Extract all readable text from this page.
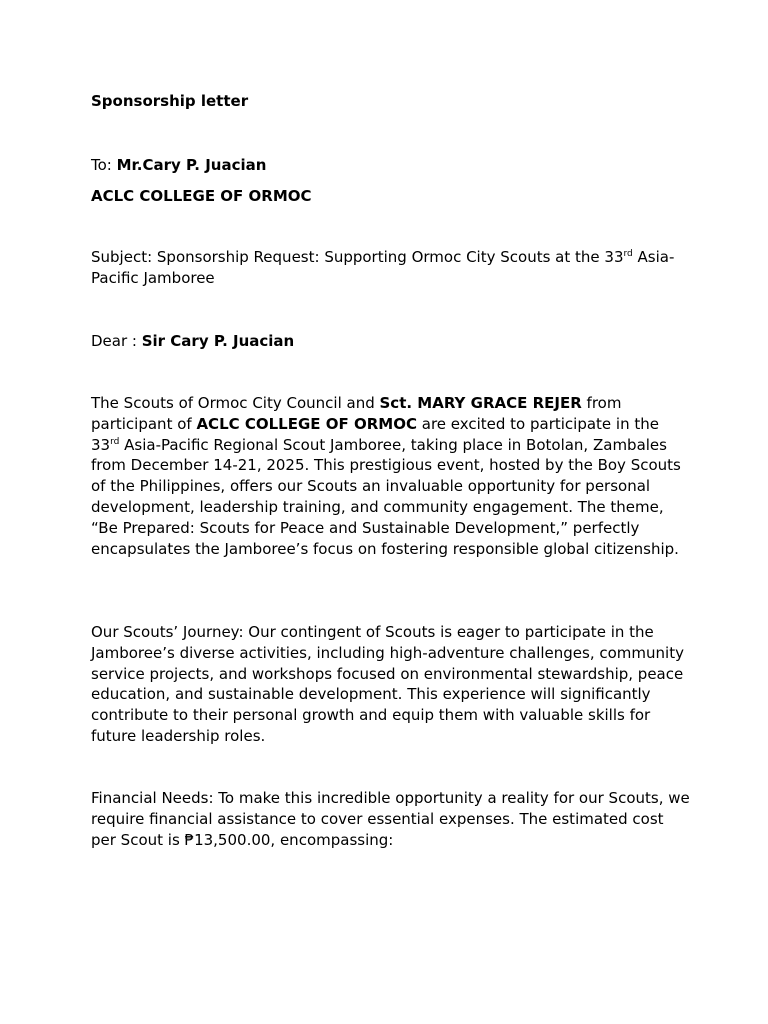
Sponsorship letter
To: Mr.Cary P. Juacian
ACLC COLLEGE OF ORMOC
Subject: Sponsorship Request: Supporting Ormoc City Scouts at the 33rd Asia-Pacific Jamboree
Dear : Sir Cary P. Juacian
The Scouts of Ormoc City Council and Sct. MARY GRACE REJER from participant of ACLC COLLEGE OF ORMOC are excited to participate in the 33rd Asia-Pacific Regional Scout Jamboree, taking place in Botolan, Zambales from December 14-21, 2025. This prestigious event, hosted by the Boy Scouts of the Philippines, offers our Scouts an invaluable opportunity for personal development, leadership training, and community engagement. The theme, “Be Prepared: Scouts for Peace and Sustainable Development,” perfectly encapsulates the Jamboree’s focus on fostering responsible global citizenship.
Our Scouts’ Journey: Our contingent of Scouts is eager to participate in the Jamboree’s diverse activities, including high-adventure challenges, community service projects, and workshops focused on environmental stewardship, peace education, and sustainable development. This experience will significantly contribute to their personal growth and equip them with valuable skills for future leadership roles.
Financial Needs: To make this incredible opportunity a reality for our Scouts, we require financial assistance to cover essential expenses. The estimated cost per Scout is ₱13,500.00, encompassing:
